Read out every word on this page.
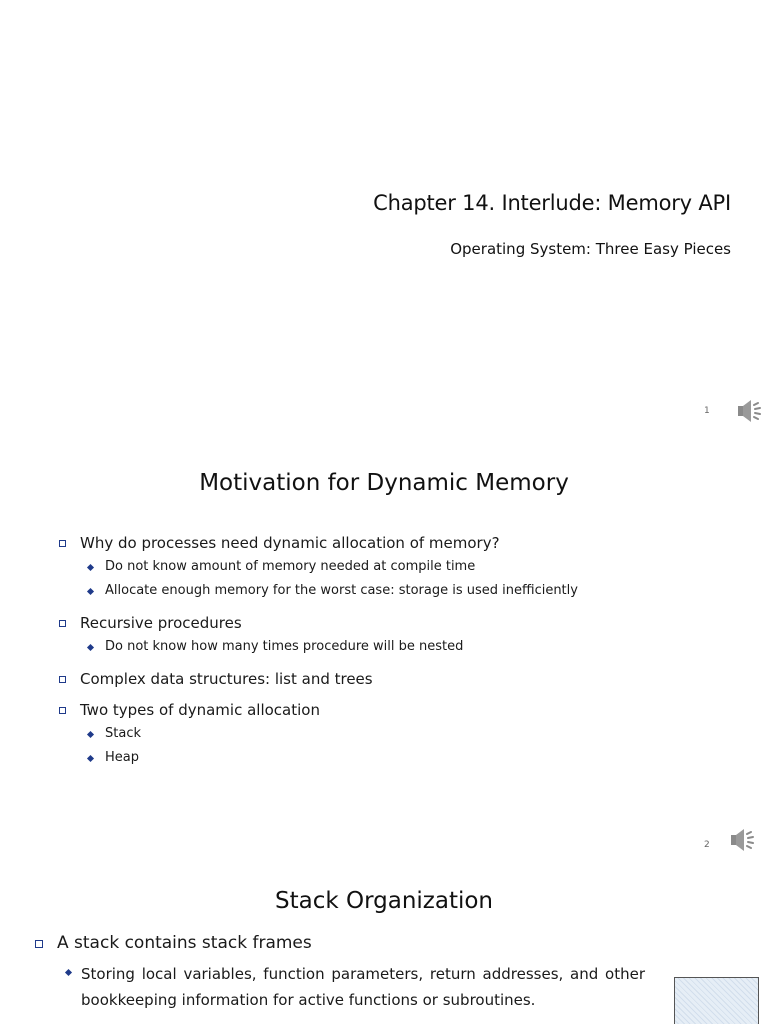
Chapter 14. Interlude: Memory API
Operating System: Three Easy Pieces
1
Motivation for Dynamic Memory
Why do processes need dynamic allocation of memory?
Do not know amount of memory needed at compile time
Allocate enough memory for the worst case: storage is used inefficiently
Recursive procedures
Do not know how many times procedure will be nested
Complex data structures: list and trees
Two types of dynamic allocation
Stack
Heap
2
Stack Organization
A stack contains stack frames
Storing local variables, function parameters, return addresses, and other bookkeeping information for active functions or subroutines.
